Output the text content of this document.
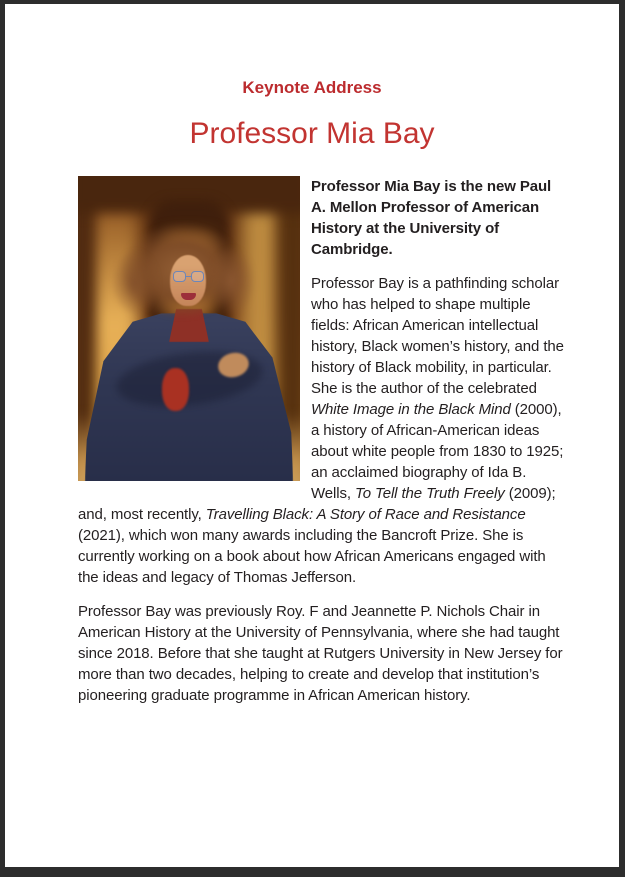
Keynote Address
Professor Mia Bay

Professor Mia Bay is the new Paul A. Mellon Professor of American History at the University of Cambridge.

Professor Bay is a pathfinding scholar who has helped to shape multiple fields: African American intellectual history, Black women’s history, and the history of Black mobility, in particular. She is the author of the celebrated White Image in the Black Mind (2000), a history of African-American ideas about white people from 1830 to 1925; an acclaimed biography of Ida B. Wells, To Tell the Truth Freely (2009); and, most recently, Travelling Black: A Story of Race and Resistance (2021), which won many awards including the Bancroft Prize. She is currently working on a book about how African Americans engaged with the ideas and legacy of Thomas Jefferson.

Professor Bay was previously Roy. F and Jeannette P. Nichols Chair in American History at the University of Pennsylvania, where she had taught since 2018. Before that she taught at Rutgers University in New Jersey for more than two decades, helping to create and develop that institution’s pioneering graduate programme in African American history.
